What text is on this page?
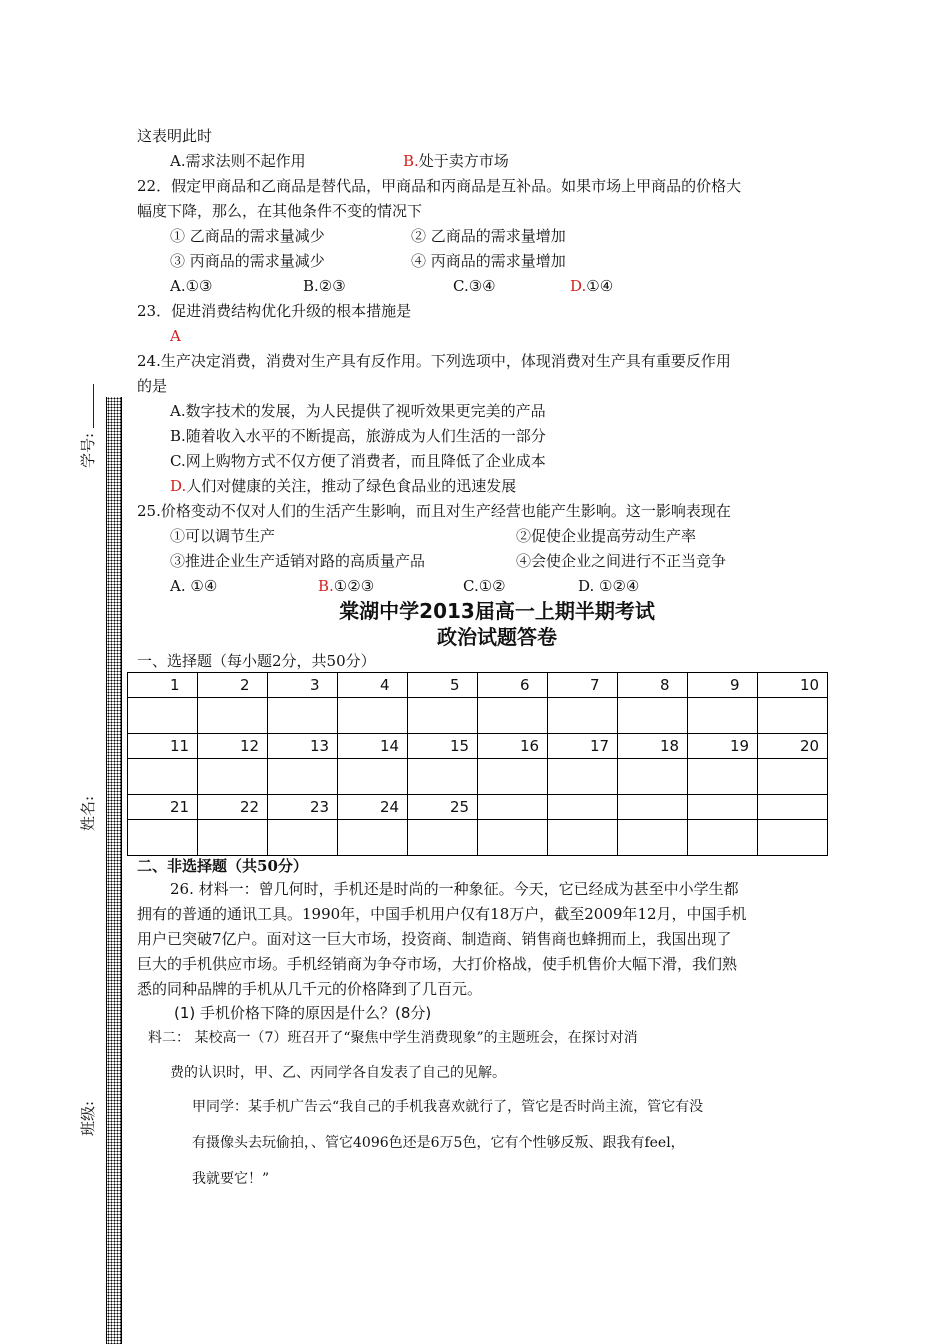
学号:
姓名:
班级:
这表明此时
A.需求法则不起作用	B.处于卖方市场
22．假定甲商品和乙商品是替代品，甲商品和丙商品是互补品。如果市场上甲商品的价格大
幅度下降，那么，在其他条件不变的情况下
① 乙商品的需求量减少	② 乙商品的需求量增加
③ 丙商品的需求量减少	④ 丙商品的需求量增加
A.①③	B.②③	C.③④	D.①④
23．促进消费结构优化升级的根本措施是
A
24.生产决定消费，消费对生产具有反作用。下列选项中，体现消费对生产具有重要反作用
的是
A.数字技术的发展，为人民提供了视听效果更完美的产品
B.随着收入水平的不断提高，旅游成为人们生活的一部分
C.网上购物方式不仅方便了消费者，而且降低了企业成本
D.人们对健康的关注，推动了绿色食品业的迅速发展
25.价格变动不仅对人们的生活产生影响，而且对生产经营也能产生影响。这一影响表现在
①可以调节生产	②促使企业提高劳动生产率
③推进企业生产适销对路的高质量产品	④会使企业之间进行不正当竞争
A. ①④	B.①②③	C.①②	D. ①②④
棠湖中学2013届高一上期半期考试
政治试题答卷
一、选择题（每小题2分，共50分）
1	2	3	4	5	6	7	8	9	10

11	12	13	14	15	16	17	18	19	20

21	22	23	24	25					

二、非选择题（共50分）
26. 材料一：曾几何时，手机还是时尚的一种象征。今天，它已经成为甚至中小学生都
拥有的普通的通讯工具。1990年，中国手机用户仅有18万户，截至2009年12月，中国手机
用户已突破7亿户。面对这一巨大市场，投资商、制造商、销售商也蜂拥而上，我国出现了
巨大的手机供应市场。手机经销商为争夺市场，大打价格战，使手机售价大幅下滑，我们熟
悉的同种品牌的手机从几千元的价格降到了几百元。
(1) 手机价格下降的原因是什么？(8分)
料二： 某校高一（7）班召开了“聚焦中学生消费现象”的主题班会，在探讨对消
费的认识时，甲、乙、丙同学各自发表了自己的见解。
甲同学：某手机广告云“我自己的手机我喜欢就行了，管它是否时尚主流，管它有没
有摄像头去玩偷拍，、管它4096色还是6万5色，它有个性够反叛、跟我有feel，
我就要它！”
